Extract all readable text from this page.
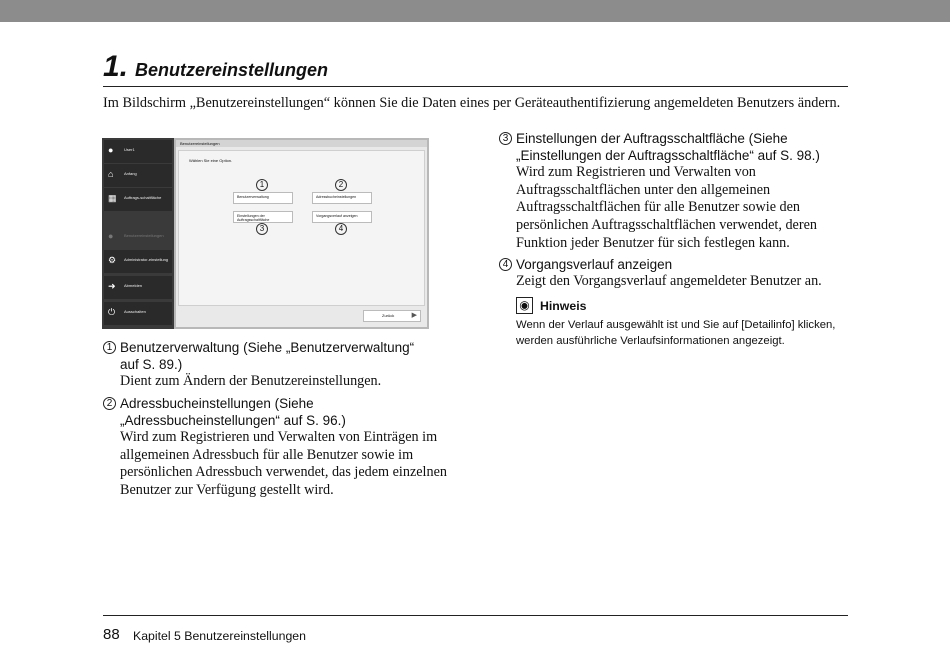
1. Benutzereinstellungen
Im Bildschirm „Benutzereinstellungen“ können Sie die Daten eines per Geräteauthentifizierung angemeldeten Benutzers ändern.
●	User1
⌂	Anfang
▦ Auftrags-schaltfläche
●	Benutzereinstellungen
⚙ Administrator-einstellung
➜	Abmelden
⏻	Ausschalten
Benutzereinstellungen
Wählen Sie eine Option.
1	2
Benutzerverwaltung	Adressbucheinstellungen
Einstellungen der Auftragsschaltfläche
Vorgangsverlauf anzeigen
3	4
Zurück ▶
1 Benutzerverwaltung (Siehe „Benutzerverwaltung“
auf S. 89.)
Dient zum Ändern der Benutzereinstellungen.
2 Adressbucheinstellungen (Siehe
„Adressbucheinstellungen“ auf S. 96.)
Wird zum Registrieren und Verwalten von Einträgen im
allgemeinen Adressbuch für alle Benutzer sowie im
persönlichen Adressbuch verwendet, das jedem einzelnen
Benutzer zur Verfügung gestellt wird.
3 Einstellungen der Auftragsschaltfläche (Siehe
„Einstellungen der Auftragsschaltfläche“ auf S. 98.)
Wird zum Registrieren und Verwalten von
Auftragsschaltflächen unter den allgemeinen
Auftragsschaltflächen für alle Benutzer sowie den
persönlichen Auftragsschaltflächen verwendet, deren
Funktion jeder Benutzer für sich festlegen kann.
4 Vorgangsverlauf anzeigen
Zeigt den Vorgangsverlauf angemeldeter Benutzer an.
◉ Hinweis
Wenn der Verlauf ausgewählt ist und Sie auf [Detailinfo] klicken,
werden ausführliche Verlaufsinformationen angezeigt.
88 Kapitel 5 Benutzereinstellungen
